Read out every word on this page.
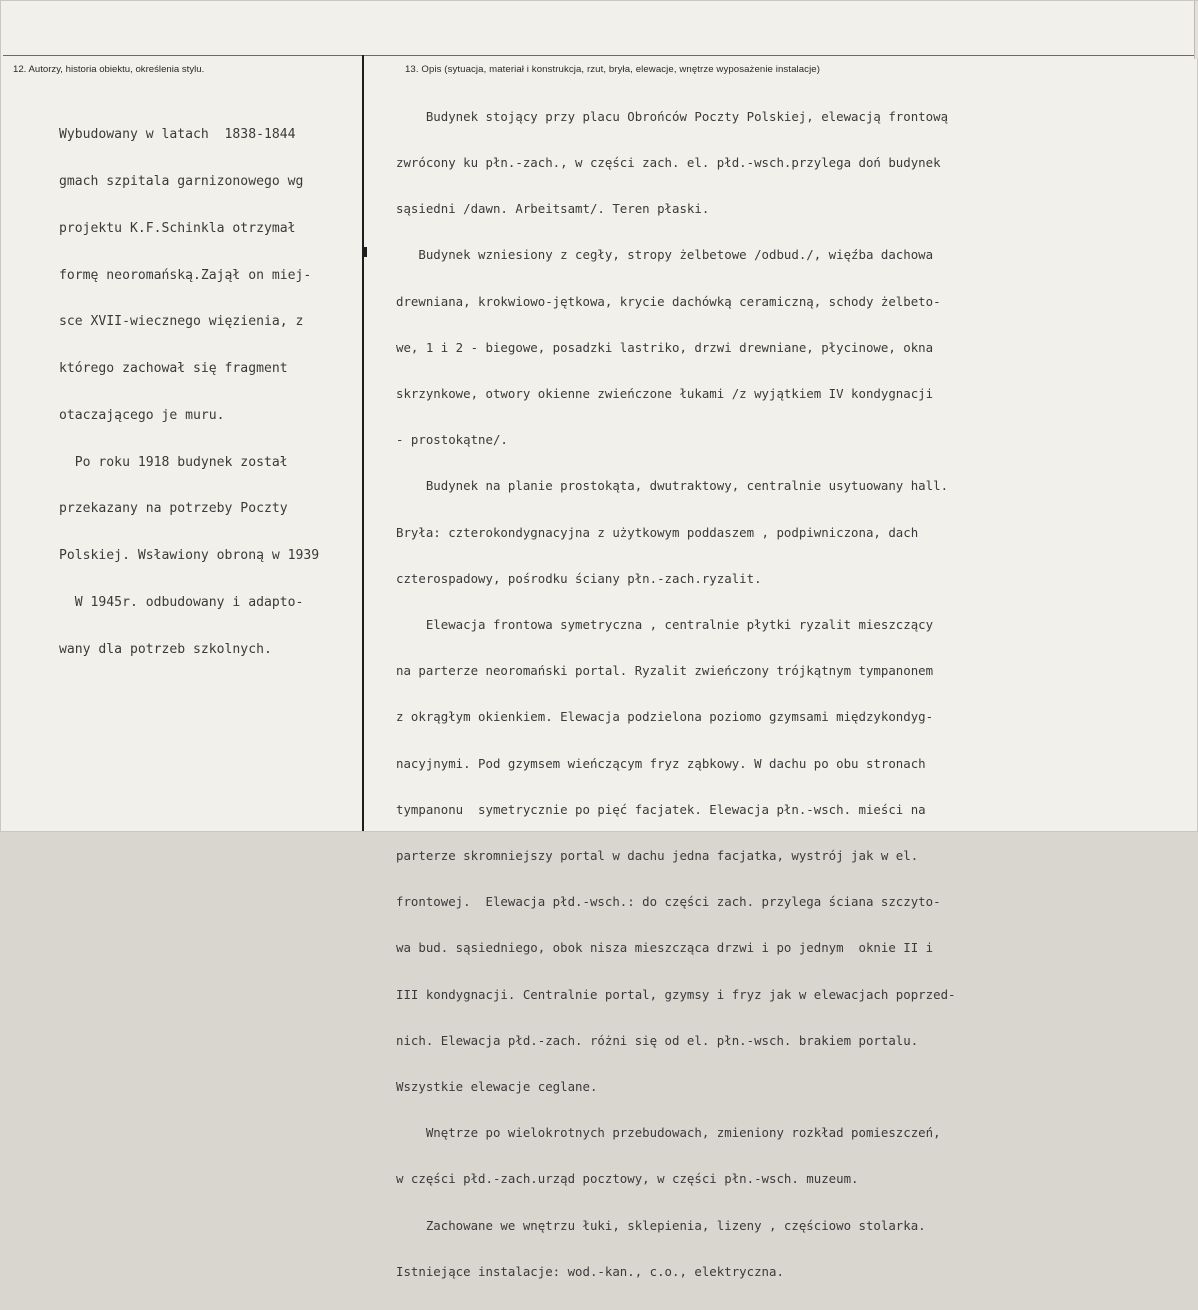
12. Autorzy, historia obiektu, określenia stylu.	13. Opis (sytuacja, materiał i konstrukcja, rzut, bryła, elewacje, wnętrze wyposażenie instalacje)

Wybudowany w latach  1838-1844

gmach szpitala garnizonowego wg

projektu K.F.Schinkla otrzymał

formę neoromańską.Zajął on miej-

sce XVII-wiecznego więzienia, z

którego zachował się fragment

otaczającego je muru.

Po roku 1918 budynek został

przekazany na potrzeby Poczty

Polskiej. Wsławiony obroną w 1939

W 1945r. odbudowany i adapto-

wany dla potrzeb szkolnych.

Budynek stojący przy placu Obrońców Poczty Polskiej, elewacją frontową

zwrócony ku płn.-zach., w części zach. el. płd.-wsch.przylega doń budynek

sąsiedni /dawn. Arbeitsamt/. Teren płaski.

Budynek wzniesiony z cegły, stropy żelbetowe /odbud./, więźba dachowa

drewniana, krokwiowo-jętkowa, krycie dachówką ceramiczną, schody żelbeto-

we, 1 i 2 - biegowe, posadzki lastriko, drzwi drewniane, płycinowe, okna

skrzynkowe, otwory okienne zwieńczone łukami /z wyjątkiem IV kondygnacji

- prostokątne/.

Budynek na planie prostokąta, dwutraktowy, centralnie usytuowany hall.

Bryła: czterokondygnacyjna z użytkowym poddaszem , podpiwniczona, dach

czterospadowy, pośrodku ściany płn.-zach.ryzalit.

Elewacja frontowa symetryczna , centralnie płytki ryzalit mieszczący

na parterze neoromański portal. Ryzalit zwieńczony trójkątnym tympanonem

z okrągłym okienkiem. Elewacja podzielona poziomo gzymsami międzykondyg-

nacyjnymi. Pod gzymsem wieńczącym fryz ząbkowy. W dachu po obu stronach

tympanonu  symetrycznie po pięć facjatek. Elewacja płn.-wsch. mieści na

parterze skromniejszy portal w dachu jedna facjatka, wystrój jak w el.

frontowej.  Elewacja płd.-wsch.: do części zach. przylega ściana szczyto-

wa bud. sąsiedniego, obok nisza mieszcząca drzwi i po jednym  oknie II i

III kondygnacji. Centralnie portal, gzymsy i fryz jak w elewacjach poprzed-

nich. Elewacja płd.-zach. różni się od el. płn.-wsch. brakiem portalu.

Wszystkie elewacje ceglane.

Wnętrze po wielokrotnych przebudowach, zmieniony rozkład pomieszczeń,

w części płd.-zach.urząd pocztowy, w części płn.-wsch. muzeum.

Zachowane we wnętrzu łuki, sklepienia, lizeny , częściowo stolarka.

Istniejące instalacje: wod.-kan., c.o., elektryczna.
